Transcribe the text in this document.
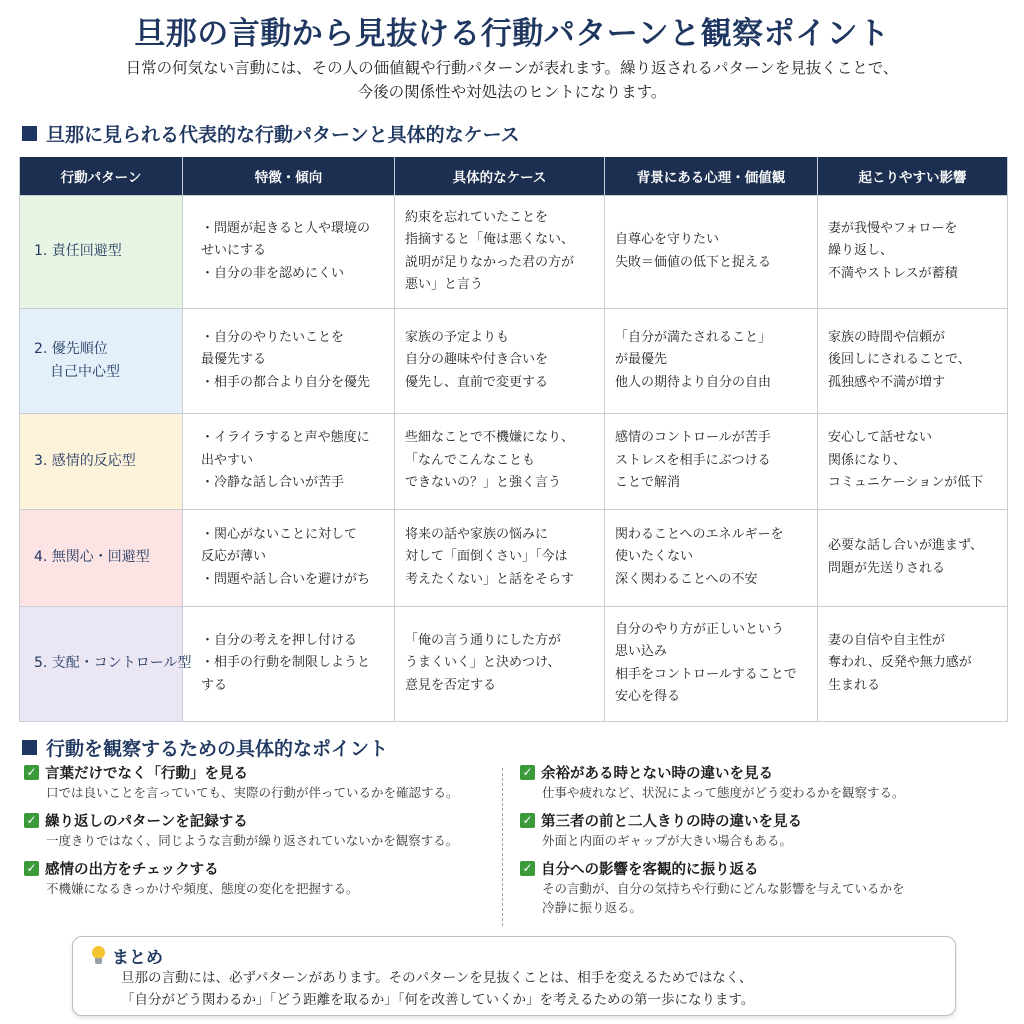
旦那の言動から見抜ける行動パターンと観察ポイント
日常の何気ない言動には、その人の価値観や行動パターンが表れます。繰り返されるパターンを見抜くことで、
今後の関係性や対処法のヒントになります。
旦那に見られる代表的な行動パターンと具体的なケース
行動パターン	特徴・傾向	具体的なケース	背景にある心理・価値観	起こりやすい影響

1. 責任回避型	・問題が起きると人や環境の
せいにする
・自分の非を認めにくい	約束を忘れていたことを
指摘すると「俺は悪くない、
説明が足りなかった君の方が
悪い」と言う	自尊心を守りたい
失敗＝価値の低下と捉える	妻が我慢やフォローを
繰り返し、
不満やストレスが蓄積

2. 優先順位
自己中心型	・自分のやりたいことを
最優先する
・相手の都合より自分を優先	家族の予定よりも
自分の趣味や付き合いを
優先し、直前で変更する	「自分が満たされること」
が最優先
他人の期待より自分の自由	家族の時間や信頼が
後回しにされることで、
孤独感や不満が増す

3. 感情的反応型	・イライラすると声や態度に
出やすい
・冷静な話し合いが苦手	些細なことで不機嫌になり、
「なんでこんなことも
できないの？」と強く言う	感情のコントロールが苦手
ストレスを相手にぶつける
ことで解消	安心して話せない
関係になり、
コミュニケーションが低下

4. 無関心・回避型	・関心がないことに対して
反応が薄い
・問題や話し合いを避けがち	将来の話や家族の悩みに
対して「面倒くさい」「今は
考えたくない」と話をそらす	関わることへのエネルギーを
使いたくない
深く関わることへの不安	必要な話し合いが進まず、
問題が先送りされる

5. 支配・コントロール型	・自分の考えを押し付ける
・相手の行動を制限しようと
する	「俺の言う通りにした方が
うまくいく」と決めつけ、
意見を否定する	自分のやり方が正しいという
思い込み
相手をコントロールすることで
安心を得る	妻の自信や自主性が
奪われ、反発や無力感が
生まれる
行動を観察するための具体的なポイント
✓ 言葉だけでなく「行動」を見る
口では良いことを言っていても、実際の行動が伴っているかを確認する。
✓ 繰り返しのパターンを記録する
一度きりではなく、同じような言動が繰り返されていないかを観察する。
✓ 感情の出方をチェックする
不機嫌になるきっかけや頻度、態度の変化を把握する。
✓ 余裕がある時とない時の違いを見る
仕事や疲れなど、状況によって態度がどう変わるかを観察する。
✓ 第三者の前と二人きりの時の違いを見る
外面と内面のギャップが大きい場合もある。
✓ 自分への影響を客観的に振り返る
その言動が、自分の気持ちや行動にどんな影響を与えているかを
冷静に振り返る。
まとめ
旦那の言動には、必ずパターンがあります。そのパターンを見抜くことは、相手を変えるためではなく、
「自分がどう関わるか」「どう距離を取るか」「何を改善していくか」を考えるための第一歩になります。
